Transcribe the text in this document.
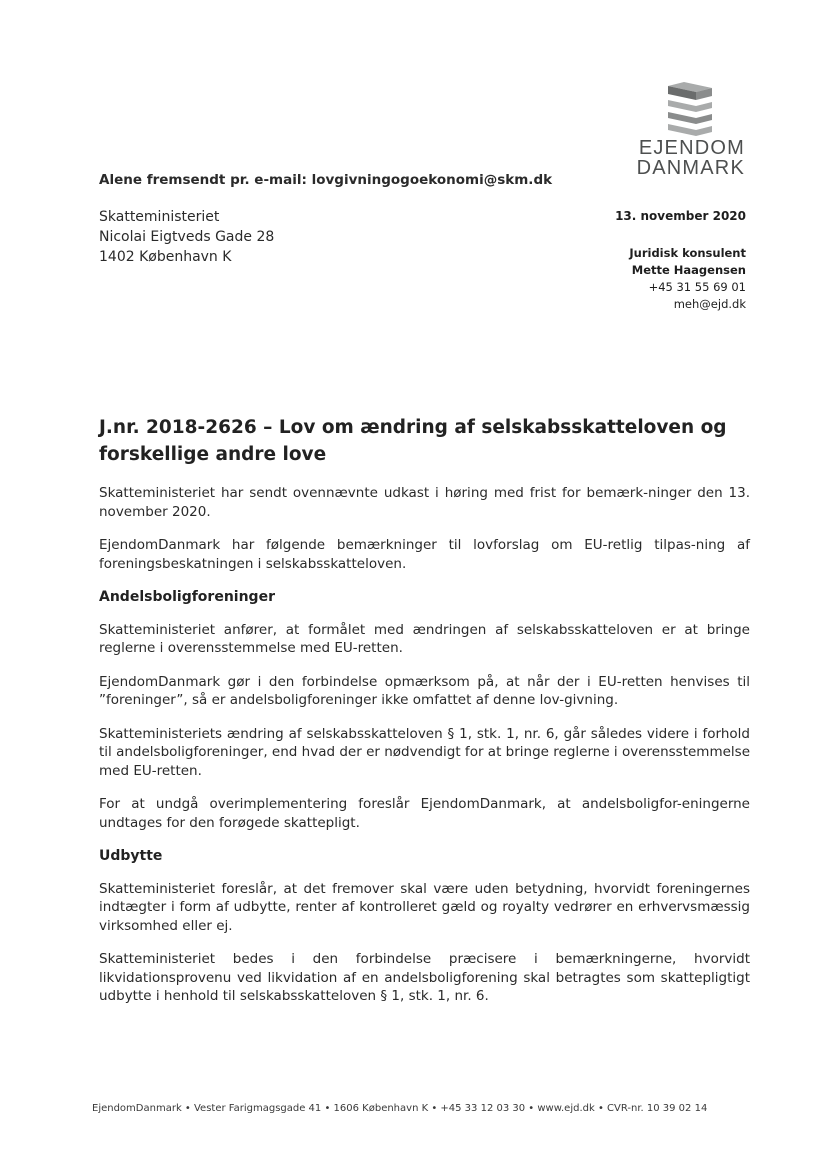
EJENDOM
DANMARK
Alene fremsendt pr. e-mail: lovgivningogoekonomi@skm.dk
Skatteministeriet
Nicolai Eigtveds Gade 28
1402 København K
13. november 2020
Juridisk konsulent
Mette Haagensen
+45 31 55 69 01
meh@ejd.dk
J.nr. 2018-2626 – Lov om ændring af selskabsskatteloven og forskellige andre love

Skatteministeriet har sendt ovennævnte udkast i høring med frist for bemærk-ninger den 13. november 2020.

EjendomDanmark har følgende bemærkninger til lovforslag om EU-retlig tilpas-ning af foreningsbeskatningen i selskabsskatteloven.

Andelsboligforeninger

Skatteministeriet anfører, at formålet med ændringen af selskabsskatteloven er at bringe reglerne i overensstemmelse med EU-retten.

EjendomDanmark gør i den forbindelse opmærksom på, at når der i EU-retten henvises til ”foreninger”, så er andelsboligforeninger ikke omfattet af denne lov-givning.

Skatteministeriets ændring af selskabsskatteloven § 1, stk. 1, nr. 6, går således videre i forhold til andelsboligforeninger, end hvad der er nødvendigt for at bringe reglerne i overensstemmelse med EU-retten.

For at undgå overimplementering foreslår EjendomDanmark, at andelsboligfor-eningerne undtages for den forøgede skattepligt.

Udbytte

Skatteministeriet foreslår, at det fremover skal være uden betydning, hvorvidt foreningernes indtægter i form af udbytte, renter af kontrolleret gæld og royalty vedrører en erhvervsmæssig virksomhed eller ej.

Skatteministeriet bedes i den forbindelse præcisere i bemærkningerne, hvorvidt likvidationsprovenu ved likvidation af en andelsboligforening skal betragtes som skattepligtigt udbytte i henhold til selskabsskatteloven § 1, stk. 1, nr. 6.

EjendomDanmark • Vester Farigmagsgade 41 • 1606 København K • +45 33 12 03 30 • www.ejd.dk • CVR-nr. 10 39 02 14
